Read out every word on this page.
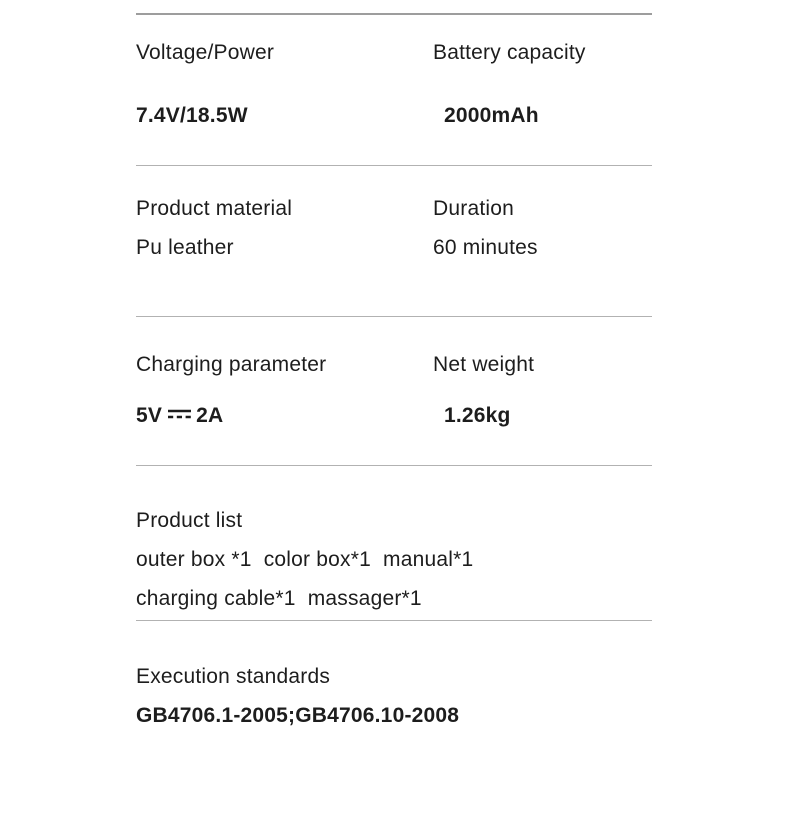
Voltage/Power
7.4V/18.5W
Battery capacity
2000mAh
Product material
Pu leather
Duration
60 minutes
Charging parameter
5V 2A
Net weight
1.26kg
Product list
outer box *1  color box*1  manual*1
charging cable*1  massager*1
Execution standards
GB4706.1-2005;GB4706.10-2008
